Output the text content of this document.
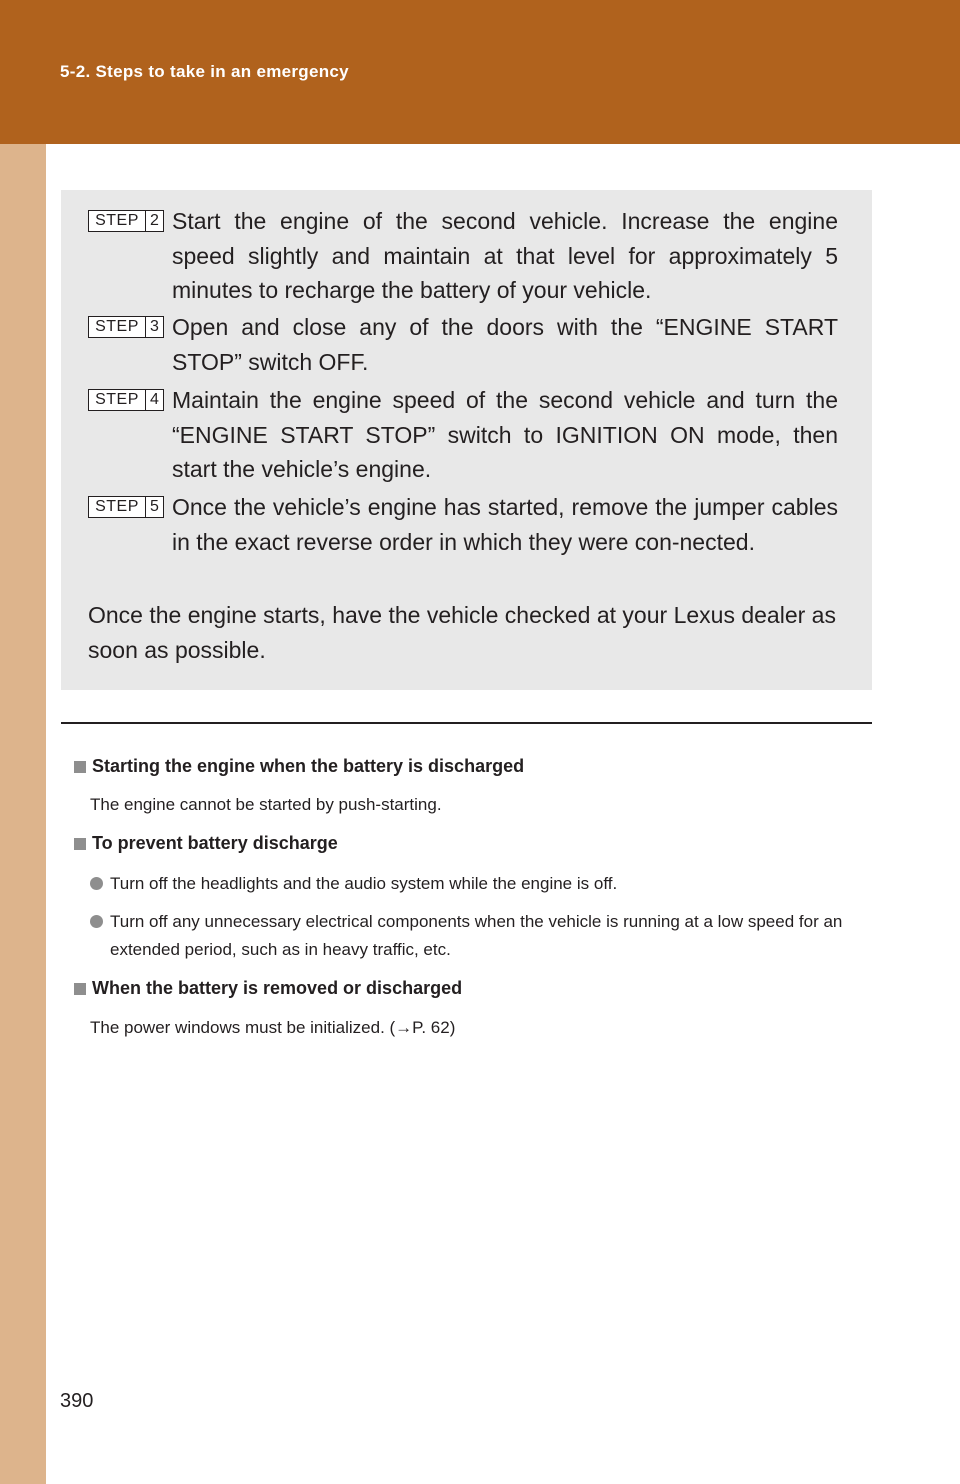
5-2. Steps to take in an emergency
STEP 2 Start the engine of the second vehicle. Increase the engine speed slightly and maintain at that level for approximately 5 minutes to recharge the battery of your vehicle.
STEP 3 Open and close any of the doors with the “ENGINE START STOP” switch OFF.
STEP 4 Maintain the engine speed of the second vehicle and turn the “ENGINE START STOP” switch to IGNITION ON mode, then start the vehicle’s engine.
STEP 5 Once the vehicle’s engine has started, remove the jumper cables in the exact reverse order in which they were con-nected.
Once the engine starts, have the vehicle checked at your Lexus dealer as soon as possible.
Starting the engine when the battery is discharged
The engine cannot be started by push-starting.
To prevent battery discharge
Turn off the headlights and the audio system while the engine is off.
Turn off any unnecessary electrical components when the vehicle is running at a low speed for an extended period, such as in heavy traffic, etc.
When the battery is removed or discharged
The power windows must be initialized. (→P. 62)
390
